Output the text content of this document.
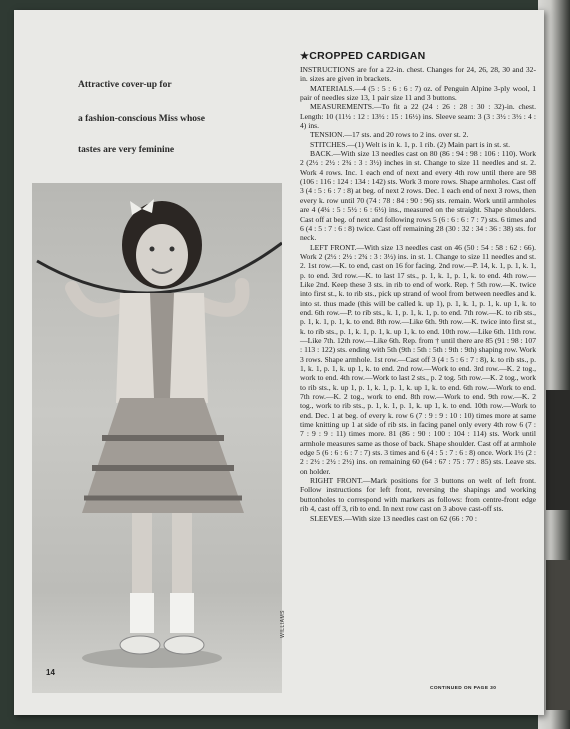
Attractive cover-up for
a fashion-conscious Miss whose
tastes are very feminine
14
WILLIAMS
★CROPPED CARDIGAN

INSTRUCTIONS are for a 22-in. chest. Changes for 24, 26, 28, 30 and 32-in. sizes are given in brackets.

MATERIALS.—4 (5 : 5 : 6 : 6 : 7) oz. of Penguin Alpine 3-ply wool, 1 pair of needles size 13, 1 pair size 11 and 3 buttons.

MEASUREMENTS.—To fit a 22 (24 : 26 : 28 : 30 : 32)-in. chest. Length: 10 (11½ : 12 : 13½ : 15 : 16½) ins. Sleeve seam: 3 (3 : 3½ : 3½ : 4 : 4) ins.

TENSION.—17 sts. and 20 rows to 2 ins. over st. 2.

STITCHES.—(1) Welt is in k. 1, p. 1 rib. (2) Main part is in st. st.

BACK.—With size 13 needles cast on 80 (86 : 94 : 98 : 106 : 110). Work 2 (2½ : 2½ : 2¾ : 3 : 3½) inches in st. Change to size 11 needles and st. 2. Work 4 rows. Inc. 1 each end of next and every 4th row until there are 98 (106 : 116 : 124 : 134 : 142) sts. Work 3 more rows. Shape armholes. Cast off 3 (4 : 5 : 6 : 7 : 8) at beg. of next 2 rows. Dec. 1 each end of next 3 rows, then every k. row until 70 (74 : 78 : 84 : 90 : 96) sts. remain. Work until armholes are 4 (4¼ : 5 : 5½ : 6 : 6½) ins., measured on the straight. Shape shoulders. Cast off at beg. of next and following rows 5 (6 : 6 : 6 : 7 : 7) sts. 6 times and 6 (4 : 5 : 7 : 6 : 8) twice. Cast off remaining 28 (30 : 32 : 34 : 36 : 38) sts. for neck.

LEFT FRONT.—With size 13 needles cast on 46 (50 : 54 : 58 : 62 : 66). Work 2 (2½ : 2½ : 2¾ : 3 : 3½) ins. in st. 1. Change to size 11 needles and st. 2. 1st row.—K. to end, cast on 16 for facing. 2nd row.—P. 14, k. 1, p. 1, k. 1, p. to end. 3rd row.—K. to last 17 sts., p. 1, k. 1, p. 1, k. to end. 4th row.—Like 2nd. Keep these 3 sts. in rib to end of work. Rep. † 5th row.—K. twice into first st., k. to rib sts., pick up strand of wool from between needles and k. into st. thus made (this will be called k. up 1), p. 1, k. 1, p. 1, k. up 1, k. to end. 6th row.—P. to rib sts., k. 1, p. 1, k. 1, p. to end. 7th row.—K. to rib sts., p. 1, k. 1, p. 1, k. to end. 8th row.—Like 6th. 9th row.—K. twice into first st., k. to rib sts., p. 1, k. 1, p. 1, k. up 1, k. to end. 10th row.—Like 6th. 11th row.—Like 7th. 12th row.—Like 6th. Rep. from † until there are 85 (91 : 98 : 107 : 113 : 122) sts. ending with 5th (9th : 5th : 5th : 9th : 9th) shaping row. Work 3 rows. Shape armhole. 1st row.—Cast off 3 (4 : 5 : 6 : 7 : 8), k. to rib sts., p. 1, k. 1, p. 1, k. up 1, k. to end. 2nd row.—Work to end. 3rd row.—K. 2 tog., work to end. 4th row.—Work to last 2 sts., p. 2 tog. 5th row.—K. 2 tog., work to rib sts., k. up 1, p. 1, k. 1, p. 1, k. up 1, k. to end. 6th row.—Work to end. 7th row.—K. 2 tog., work to end. 8th row.—Work to end. 9th row.—K. 2 tog., work to rib sts., p. 1, k. 1, p. 1, k. up 1, k. to end. 10th row.—Work to end. Dec. 1 at beg. of every k. row 6 (7 : 9 : 9 : 10 : 10) times more at same time knitting up 1 at side of rib sts. in facing panel only every 4th row 6 (7 : 7 : 9 : 9 : 11) times more. 81 (86 : 90 : 100 : 104 : 114) sts. Work until armhole measures same as those of back. Shape shoulder. Cast off at armhole edge 5 (6 : 6 : 6 : 7 : 7) sts. 3 times and 6 (4 : 5 : 7 : 6 : 8) once. Work 1½ (2 : 2 : 2½ : 2½ : 2½) ins. on remaining 60 (64 : 67 : 75 : 77 : 85) sts. Leave sts. on holder.

RIGHT FRONT.—Mark positions for 3 buttons on welt of left front. Follow instructions for left front, reversing the shapings and working buttonholes to correspond with markers as follows: from centre-front edge rib 4, cast off 3, rib to end. In next row cast on 3 above cast-off sts.

SLEEVES.—With size 13 needles cast on 62 (66 : 70 :

CONTINUED ON PAGE 30
